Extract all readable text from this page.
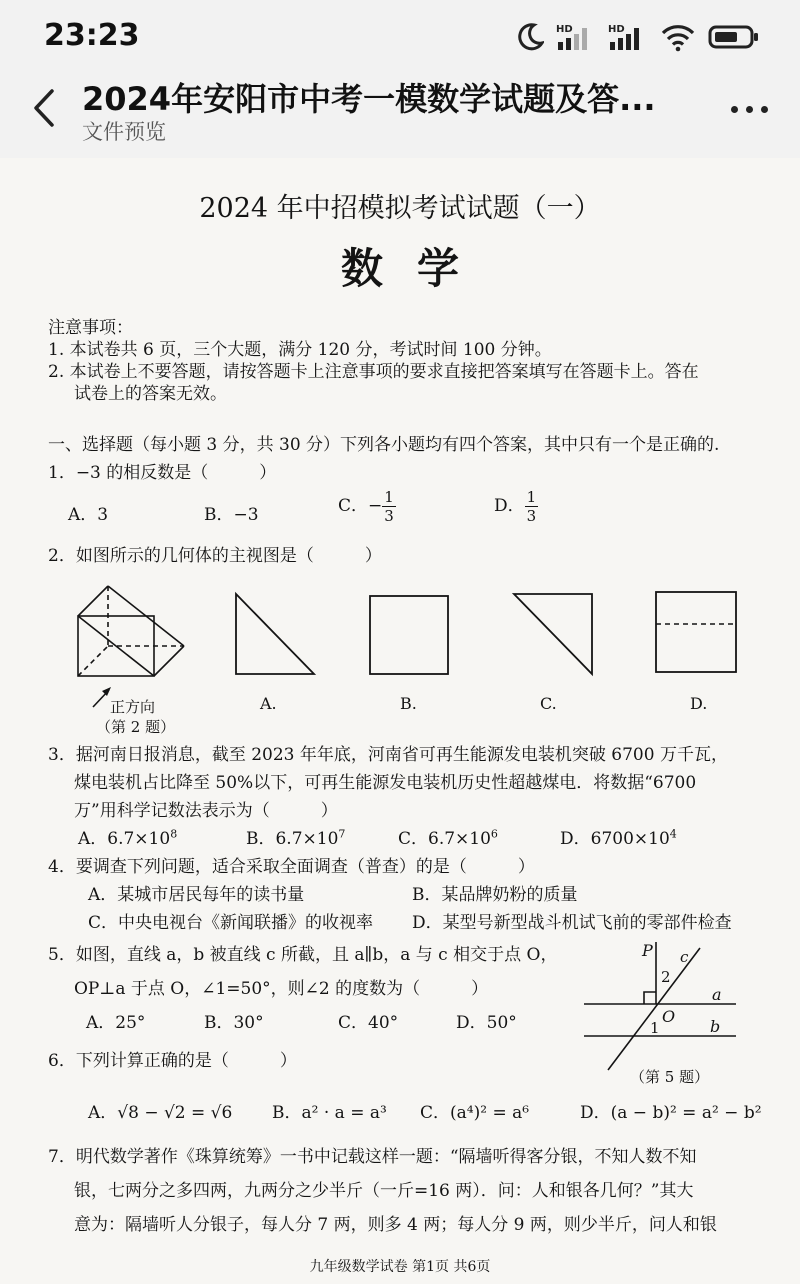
23:23	HD	HD
2024年安阳市中考一模数学试题及答...
文件预览
2024 年中招模拟考试试题（一）
数学
注意事项：
1. 本试卷共 6 页，三个大题，满分 120 分，考试时间 100 分钟。
2. 本试卷上不要答题，请按答题卡上注意事项的要求直接把答案填写在答题卡上。答在
试卷上的答案无效。
一、选择题（每小题 3 分，共 30 分）下列各小题均有四个答案，其中只有一个是正确的.
1．−3 的相反数是（　　　）
A．3	B．−3	C．− $\frac{1}{3}$	D． $\frac{1}{3}$
2．如图所示的几何体的主视图是（　　　）
正方向
（第 2 题）
A.	B.	C.	D.
3．据河南日报消息，截至 2023 年年底，河南省可再生能源发电装机突破 6700 万千瓦，
煤电装机占比降至 50%以下，可再生能源发电装机历史性超越煤电．将数据“6700
万”用科学记数法表示为（　　　）
A．$6.7\times 10^8$	B．$6.7\times 10^7$	C．$6.7\times 10^6$	D．$6700\times 10^4$
4．要调查下列问题，适合采取全面调查（普查）的是（　　　）
A．某城市居民每年的读书量	B．某品牌奶粉的质量
C．中央电视台《新闻联播》的收视率 D．某型号新型战斗机试飞前的零部件检查
5．如图，直线 a，b 被直线 c 所截，且 a∥b，a 与 c 相交于点 O，
OP⊥a 于点 O，∠1=50°，则∠2 的度数为（　　　）
A．25°	B．30°	C．40°	D．50°
P c
2
a
O
1	b
（第 5 题）
6．下列计算正确的是（　　　）
A．√8 − √2 = √6 B．a² · a = a³ C．(a⁴)² = a⁶	D．(a − b)² = a² − b²
7．明代数学著作《珠算统筹》一书中记载这样一题：“隔墙听得客分银，不知人数不知
银，七两分之多四两，九两分之少半斤（一斤=16 两）．问：人和银各几何？”其大
意为：隔墙听人分银子，每人分 7 两，则多 4 两；每人分 9 两，则少半斤，问人和银
九年级数学试卷 第1页 共6页
